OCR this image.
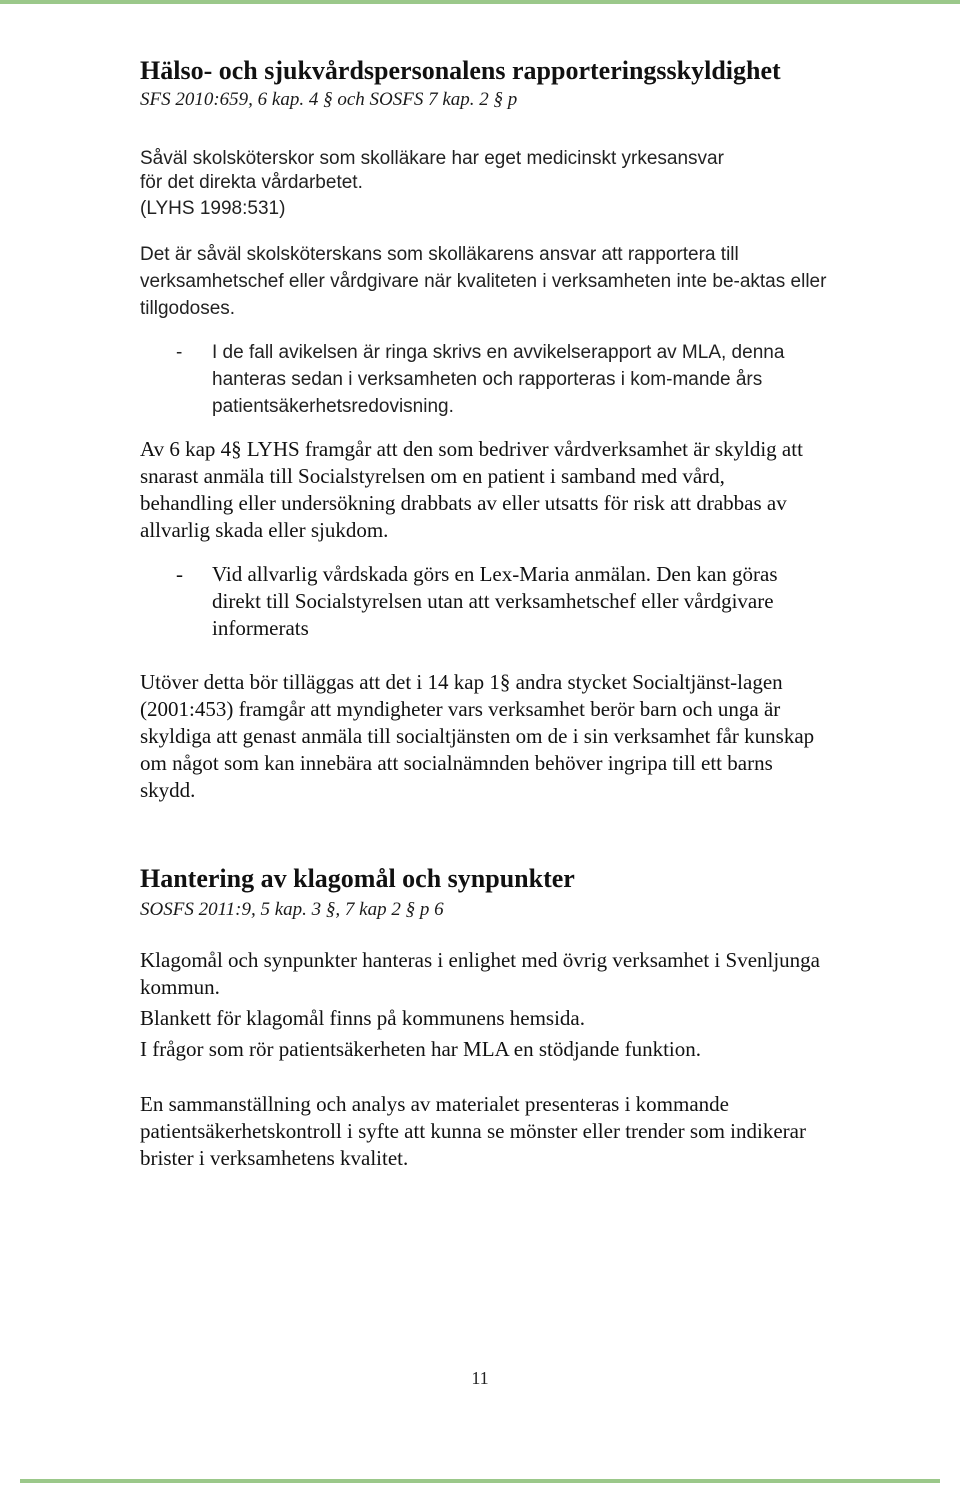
Hälso- och sjukvårdspersonalens rapporteringsskyldighet

SFS 2010:659, 6 kap. 4 § och SOSFS 7 kap. 2 § p

Såväl skolsköterskor som skolläkare har eget medicinskt yrkesansvar

för det direkta vårdarbetet.

(LYHS 1998:531)

Det är såväl skolsköterskans som skolläkarens ansvar att rapportera till verksamhetschef eller vårdgivare när kvaliteten i verksamheten inte be-aktas eller tillgodoses.

-	I de fall avikelsen är ringa skrivs en avvikelserapport av MLA, denna hanteras sedan i verksamheten och rapporteras i kom-mande års patientsäkerhetsredovisning.

Av 6 kap 4§ LYHS framgår att den som bedriver vårdverksamhet är skyldig att snarast anmäla till Socialstyrelsen om en patient i samband med vård, behandling eller undersökning drabbats av eller utsatts för risk att drabbas av allvarlig skada eller sjukdom.

-	Vid allvarlig vårdskada görs en Lex-Maria anmälan. Den kan göras direkt till Socialstyrelsen utan att verksamhetschef eller vårdgivare informerats

Utöver detta bör tilläggas att det i 14 kap 1§ andra stycket Socialtjänst-lagen (2001:453) framgår att myndigheter vars verksamhet berör barn och unga är skyldiga att genast anmäla till socialtjänsten om de i sin verksamhet får kunskap om något som kan innebära att socialnämnden behöver ingripa till ett barns skydd.

Hantering av klagomål och synpunkter

SOSFS 2011:9, 5 kap. 3 §, 7 kap 2 § p 6

Klagomål och synpunkter hanteras i enlighet med övrig verksamhet i Svenljunga kommun.

Blankett för klagomål finns på kommunens hemsida.

I frågor som rör patientsäkerheten har MLA en stödjande funktion.

En sammanställning och analys av materialet presenteras i kommande patientsäkerhetskontroll i syfte att kunna se mönster eller trender som indikerar brister i verksamhetens kvalitet.

11
